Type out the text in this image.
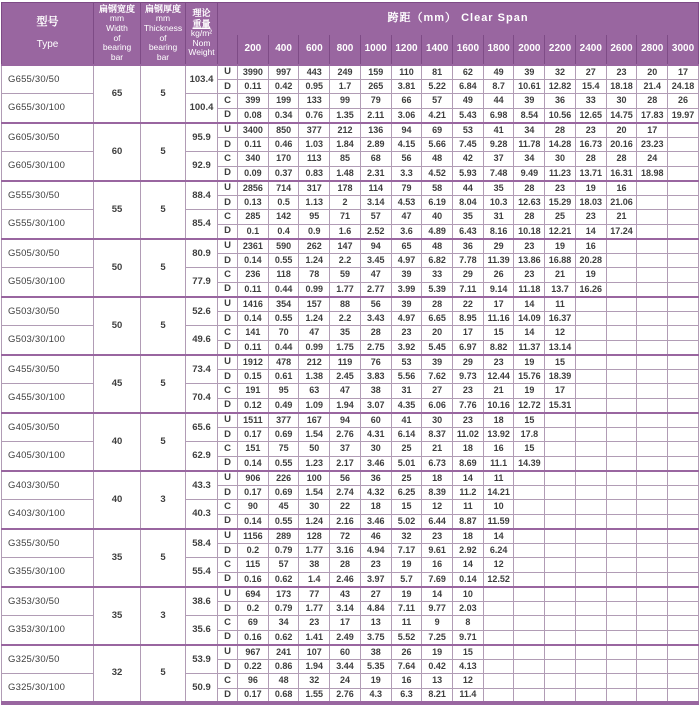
型号
Type

扁钢宽度
mm
Width
of
bearing
bar

扁钢厚度
mm
Thickness
of
bearing
bar

理论
重量
kg/m²
Nom
Weight
	跨距（mm） Clear Span
					200	400	600	800	1000	1200	1400	1600	1800	2000	2200	2400	2600	2800	3000
G655/30/50	65	5	103.4	U	3990	997	443	249	159	110	81	62	49	39	32	27	23	20	17
				D	0.11	0.42	0.95	1.7	265	3.81	5.22	6.84	8.7	10.61	12.82	15.4	18.18	21.4	24.18
G655/30/100			100.4	C	399	199	133	99	79	66	57	49	44	39	36	33	30	28	26
				D	0.08	0.34	0.76	1.35	2.11	3.06	4.21	5.43	6.98	8.54	10.56	12.65	14.75	17.83	19.97
G605/30/50	60	5	95.9	U	3400	850	377	212	136	94	69	53	41	34	28	23	20	17	
				D	0.11	0.46	1.03	1.84	2.89	4.15	5.66	7.45	9.28	11.78	14.28	16.73	20.16	23.23	
G605/30/100			92.9	C	340	170	113	85	68	56	48	42	37	34	30	28	28	24	
				D	0.09	0.37	0.83	1.48	2.31	3.3	4.52	5.93	7.48	9.49	11.23	13.71	16.31	18.98	
G555/30/50	55	5	88.4	U	2856	714	317	178	114	79	58	44	35	28	23	19	16		
				D	0.13	0.5	1.13	2	3.14	4.53	6.19	8.04	10.3	12.63	15.29	18.03	21.06		
G555/30/100			85.4	C	285	142	95	71	57	47	40	35	31	28	25	23	21		
				D	0.1	0.4	0.9	1.6	2.52	3.6	4.89	6.43	8.16	10.18	12.21	14	17.24		
G505/30/50	50	5	80.9	U	2361	590	262	147	94	65	48	36	29	23	19	16			
				D	0.14	0.55	1.24	2.2	3.45	4.97	6.82	7.78	11.39	13.86	16.88	20.28			
G505/30/100			77.9	C	236	118	78	59	47	39	33	29	26	23	21	19			
				D	0.11	0.44	0.99	1.77	2.77	3.99	5.39	7.11	9.14	11.18	13.7	16.26			
G503/30/50	50	5	52.6	U	1416	354	157	88	56	39	28	22	17	14	11				
				D	0.14	0.55	1.24	2.2	3.43	4.97	6.65	8.95	11.16	14.09	16.37				
G503/30/100			49.6	C	141	70	47	35	28	23	20	17	15	14	12				
				D	0.11	0.44	0.99	1.75	2.75	3.92	5.45	6.97	8.82	11.37	13.14				
G455/30/50	45	5	73.4	U	1912	478	212	119	76	53	39	29	23	19	15				
				D	0.15	0.61	1.38	2.45	3.83	5.56	7.62	9.73	12.44	15.76	18.39				
G455/30/100			70.4	C	191	95	63	47	38	31	27	23	21	19	17				
				D	0.12	0.49	1.09	1.94	3.07	4.35	6.06	7.76	10.16	12.72	15.31				
G405/30/50	40	5	65.6	U	1511	377	167	94	60	41	30	23	18	15					
				D	0.17	0.69	1.54	2.76	4.31	6.14	8.37	11.02	13.92	17.8					
G405/30/100			62.9	C	151	75	50	37	30	25	21	18	16	15					
				D	0.14	0.55	1.23	2.17	3.46	5.01	6.73	8.69	11.1	14.39					
G403/30/50	40	3	43.3	U	906	226	100	56	36	25	18	14	11						
				D	0.17	0.69	1.54	2.74	4.32	6.25	8.39	11.2	14.21						
G403/30/100			40.3	C	90	45	30	22	18	15	12	11	10						
				D	0.14	0.55	1.24	2.16	3.46	5.02	6.44	8.87	11.59						
G355/30/50	35	5	58.4	U	1156	289	128	72	46	32	23	18	14						
				D	0.2	0.79	1.77	3.16	4.94	7.17	9.61	2.92	6.24						
G355/30/100			55.4	C	115	57	38	28	23	19	16	14	12						
				D	0.16	0.62	1.4	2.46	3.97	5.7	7.69	0.14	12.52						
G353/30/50	35	3	38.6	U	694	173	77	43	27	19	14	10							
				D	0.2	0.79	1.77	3.14	4.84	7.11	9.77	2.03							
G353/30/100			35.6	C	69	34	23	17	13	11	9	8							
				D	0.16	0.62	1.41	2.49	3.75	5.52	7.25	9.71							
G325/30/50	32	5	53.9	U	967	241	107	60	38	26	19	15							
				D	0.22	0.86	1.94	3.44	5.35	7.64	0.42	4.13							
G325/30/100			50.9	C	96	48	32	24	19	16	13	12							
				D	0.17	0.68	1.55	2.76	4.3	6.3	8.21	11.4							
